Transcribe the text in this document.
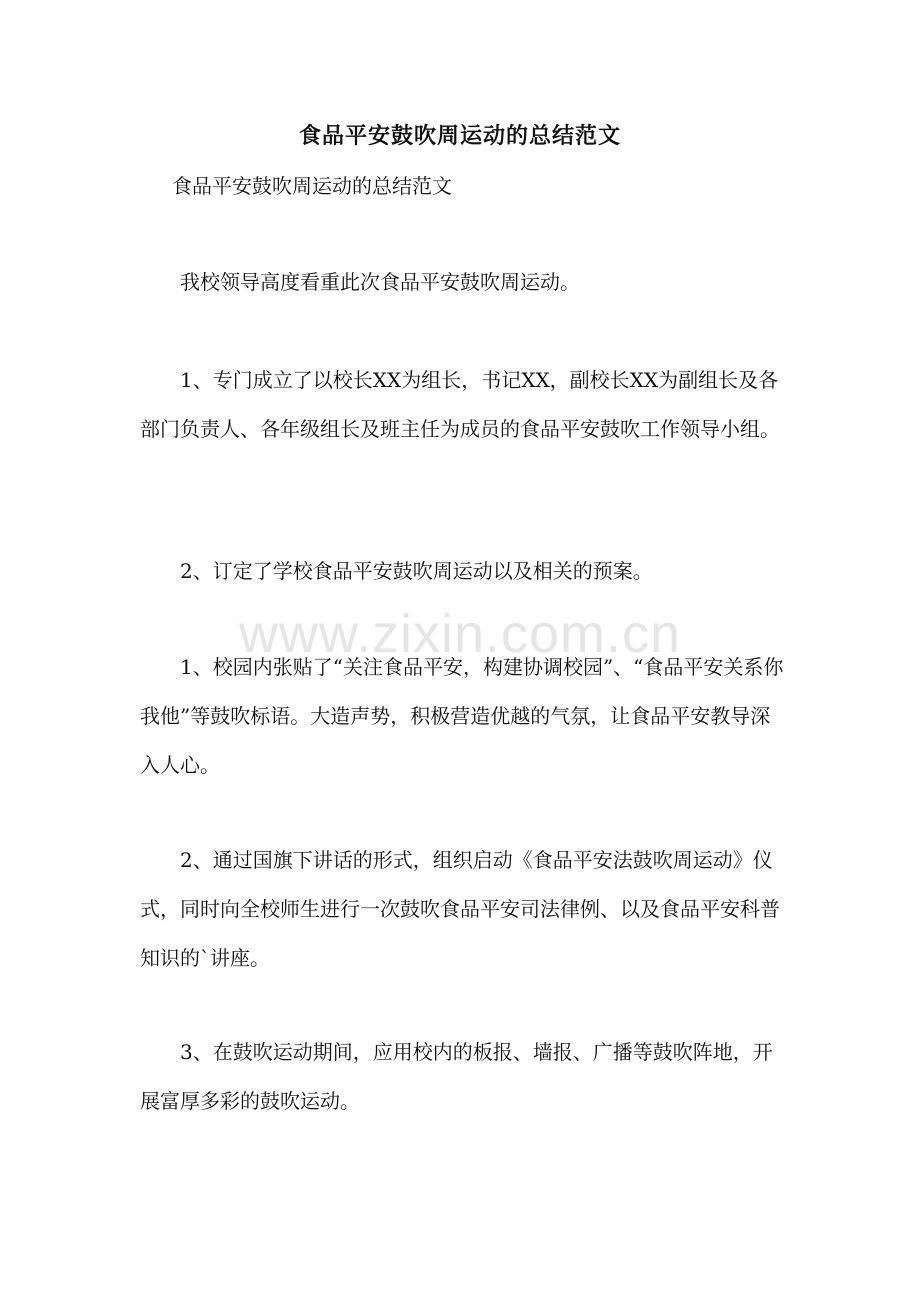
食品平安鼓吹周运动的总结范文
食品平安鼓吹周运动的总结范文

我校领导高度看重此次食品平安鼓吹周运动。

1、专门成立了以校长XX为组长，书记XX，副校长XX为副组长及各部门负责人、各年级组长及班主任为成员的食品平安鼓吹工作领导小组。

2、订定了学校食品平安鼓吹周运动以及相关的预案。

1、校园内张贴了“关注食品平安，构建协调校园”、“食品平安关系你我他”等鼓吹标语。大造声势，积极营造优越的气氛，让食品平安教导深入人心。

2、通过国旗下讲话的形式，组织启动《食品平安法鼓吹周运动》仪式，同时向全校师生进行一次鼓吹食品平安司法律例、以及食品平安科普知识的`讲座。

3、在鼓吹运动期间，应用校内的板报、墙报、广播等鼓吹阵地，开展富厚多彩的鼓吹运动。

www.zixin.com.cn
